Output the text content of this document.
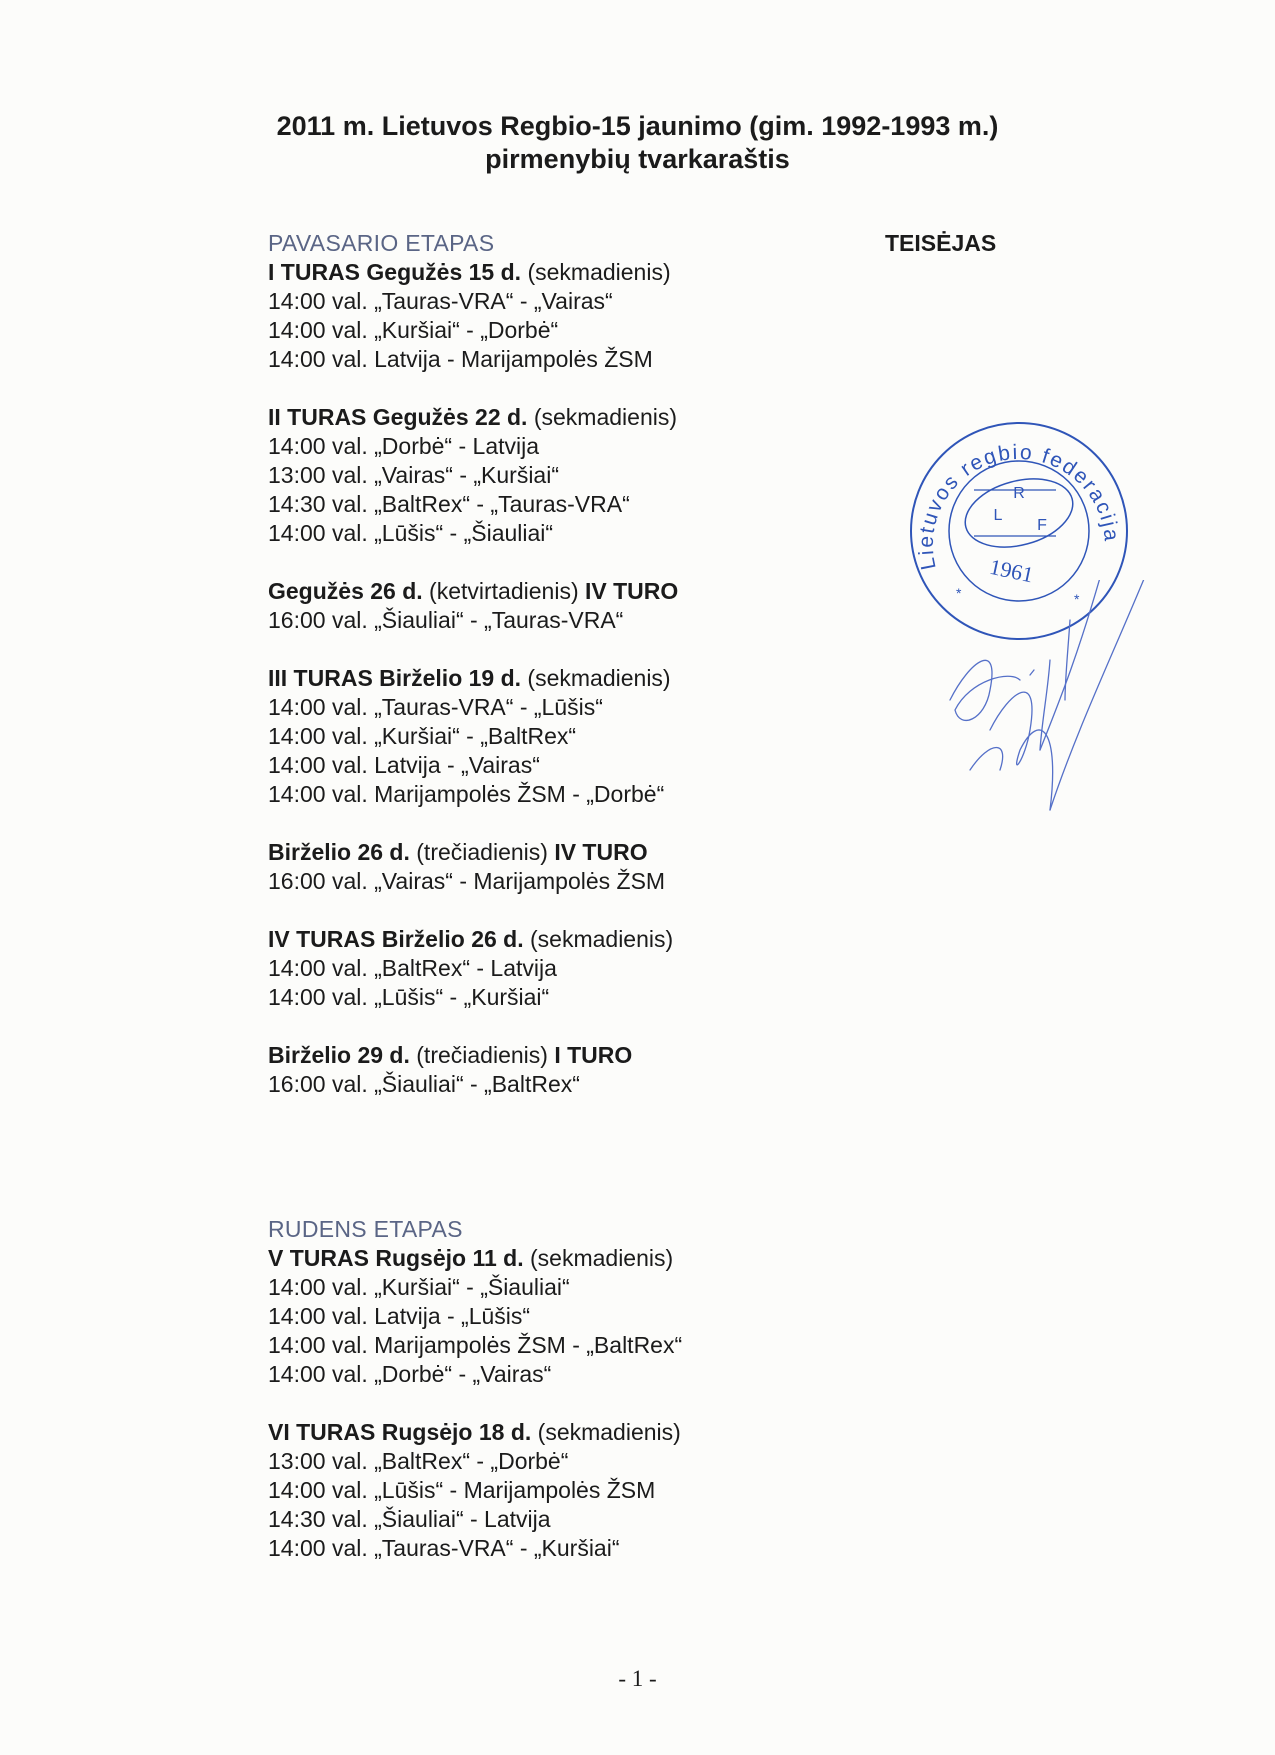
2011 m. Lietuvos Regbio-15 jaunimo (gim. 1992-1993 m.)
pirmenybių tvarkaraštis
PAVASARIO ETAPAS
I TURAS Gegužės 15 d. (sekmadienis)
14:00 val. „Tauras-VRA“ - „Vairas“
14:00 val. „Kuršiai“ - „Dorbė“
14:00 val. Latvija - Marijampolės ŽSM
II TURAS Gegužės 22 d. (sekmadienis)
14:00 val. „Dorbė“ - Latvija
13:00 val. „Vairas“ - „Kuršiai“
14:30 val. „BaltRex“ - „Tauras-VRA“
14:00 val. „Lūšis“ - „Šiauliai“
Gegužės 26 d. (ketvirtadienis) IV TURO
16:00 val. „Šiauliai“ - „Tauras-VRA“
III TURAS Birželio 19 d. (sekmadienis)
14:00 val. „Tauras-VRA“ - „Lūšis“
14:00 val. „Kuršiai“ - „BaltRex“
14:00 val. Latvija - „Vairas“
14:00 val. Marijampolės ŽSM - „Dorbė“
Birželio 26 d. (trečiadienis) IV TURO
16:00 val. „Vairas“ - Marijampolės ŽSM
IV TURAS Birželio 26 d. (sekmadienis)
14:00 val. „BaltRex“ - Latvija
14:00 val. „Lūšis“ - „Kuršiai“
Birželio 29 d. (trečiadienis) I TURO
16:00 val. „Šiauliai“ - „BaltRex“
RUDENS ETAPAS
V TURAS Rugsėjo 11 d. (sekmadienis)
14:00 val. „Kuršiai“ - „Šiauliai“
14:00 val. Latvija - „Lūšis“
14:00 val. Marijampolės ŽSM - „BaltRex“
14:00 val. „Dorbė“ - „Vairas“
VI TURAS Rugsėjo 18 d. (sekmadienis)
13:00 val. „BaltRex“ - „Dorbė“
14:00 val. „Lūšis“ - Marijampolės ŽSM
14:30 val. „Šiauliai“ - Latvija
14:00 val. „Tauras-VRA“ - „Kuršiai“
TEISĖJAS
Lietuvos regbio federacija
R
L
F
1961
*	*
- 1 -
